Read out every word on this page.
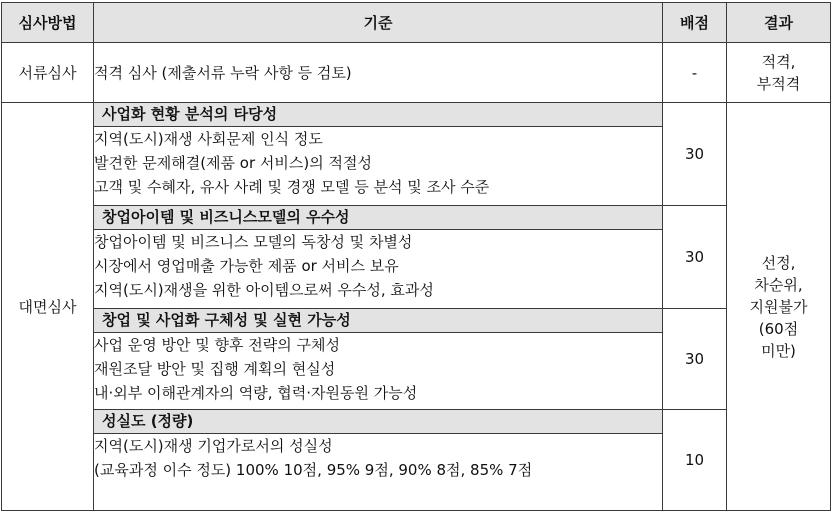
심사방법	기준	배점	결과
서류심사	적격 심사 (제출서류 누락 사항 등 검토)	-	적격,
부적격

대면심사	사업화 현황 분석의 타당성	30	선정,
차순위,
지원불가
(60점
미만)

	지역(도시)재생 사회문제 인식 정도
발견한 문제해결(제품 or 서비스)의 적절성
고객 및 수혜자, 유사 사례 및 경쟁 모델 등 분석 및 조사 수준		

	창업아이템 및 비즈니스모델의 우수성	30	

	창업아이템 및 비즈니스 모델의 독창성 및 차별성
시장에서 영업매출 가능한 제품 or 서비스 보유
지역(도시)재생을 위한 아이템으로써 우수성, 효과성		

	창업 및 사업화 구체성 및 실현 가능성	30	

	사업 운영 방안 및 향후 전략의 구체성
재원조달 방안 및 집행 계획의 현실성
내·외부 이해관계자의 역량, 협력·자원동원 가능성		

	성실도 (정량)	10	

	지역(도시)재생 기업가로서의 성실성
(교육과정 이수 정도) 100% 10점, 95% 9점, 90% 8점, 85% 7점		
